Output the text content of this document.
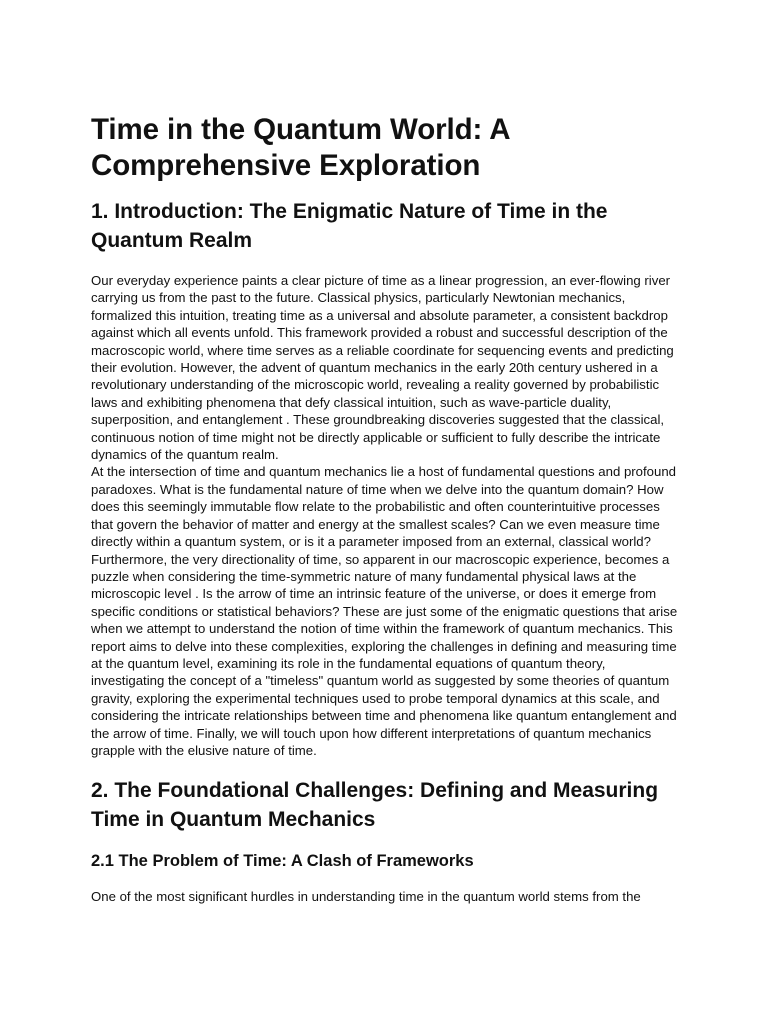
Time in the Quantum World: A Comprehensive Exploration
1. Introduction: The Enigmatic Nature of Time in the Quantum Realm

Our everyday experience paints a clear picture of time as a linear progression, an ever-flowing river carrying us from the past to the future. Classical physics, particularly Newtonian mechanics, formalized this intuition, treating time as a universal and absolute parameter, a consistent backdrop against which all events unfold. This framework provided a robust and successful description of the macroscopic world, where time serves as a reliable coordinate for sequencing events and predicting their evolution. However, the advent of quantum mechanics in the early 20th century ushered in a revolutionary understanding of the microscopic world, revealing a reality governed by probabilistic laws and exhibiting phenomena that defy classical intuition, such as wave-particle duality, superposition, and entanglement . These groundbreaking discoveries suggested that the classical, continuous notion of time might not be directly applicable or sufficient to fully describe the intricate dynamics of the quantum realm.

At the intersection of time and quantum mechanics lie a host of fundamental questions and profound paradoxes. What is the fundamental nature of time when we delve into the quantum domain? How does this seemingly immutable flow relate to the probabilistic and often counterintuitive processes that govern the behavior of matter and energy at the smallest scales? Can we even measure time directly within a quantum system, or is it a parameter imposed from an external, classical world? Furthermore, the very directionality of time, so apparent in our macroscopic experience, becomes a puzzle when considering the time-symmetric nature of many fundamental physical laws at the microscopic level . Is the arrow of time an intrinsic feature of the universe, or does it emerge from specific conditions or statistical behaviors? These are just some of the enigmatic questions that arise when we attempt to understand the notion of time within the framework of quantum mechanics. This report aims to delve into these complexities, exploring the challenges in defining and measuring time at the quantum level, examining its role in the fundamental equations of quantum theory, investigating the concept of a "timeless" quantum world as suggested by some theories of quantum gravity, exploring the experimental techniques used to probe temporal dynamics at this scale, and considering the intricate relationships between time and phenomena like quantum entanglement and the arrow of time. Finally, we will touch upon how different interpretations of quantum mechanics grapple with the elusive nature of time.

2. The Foundational Challenges: Defining and Measuring Time in Quantum Mechanics
2.1 The Problem of Time: A Clash of Frameworks

One of the most significant hurdles in understanding time in the quantum world stems from the
